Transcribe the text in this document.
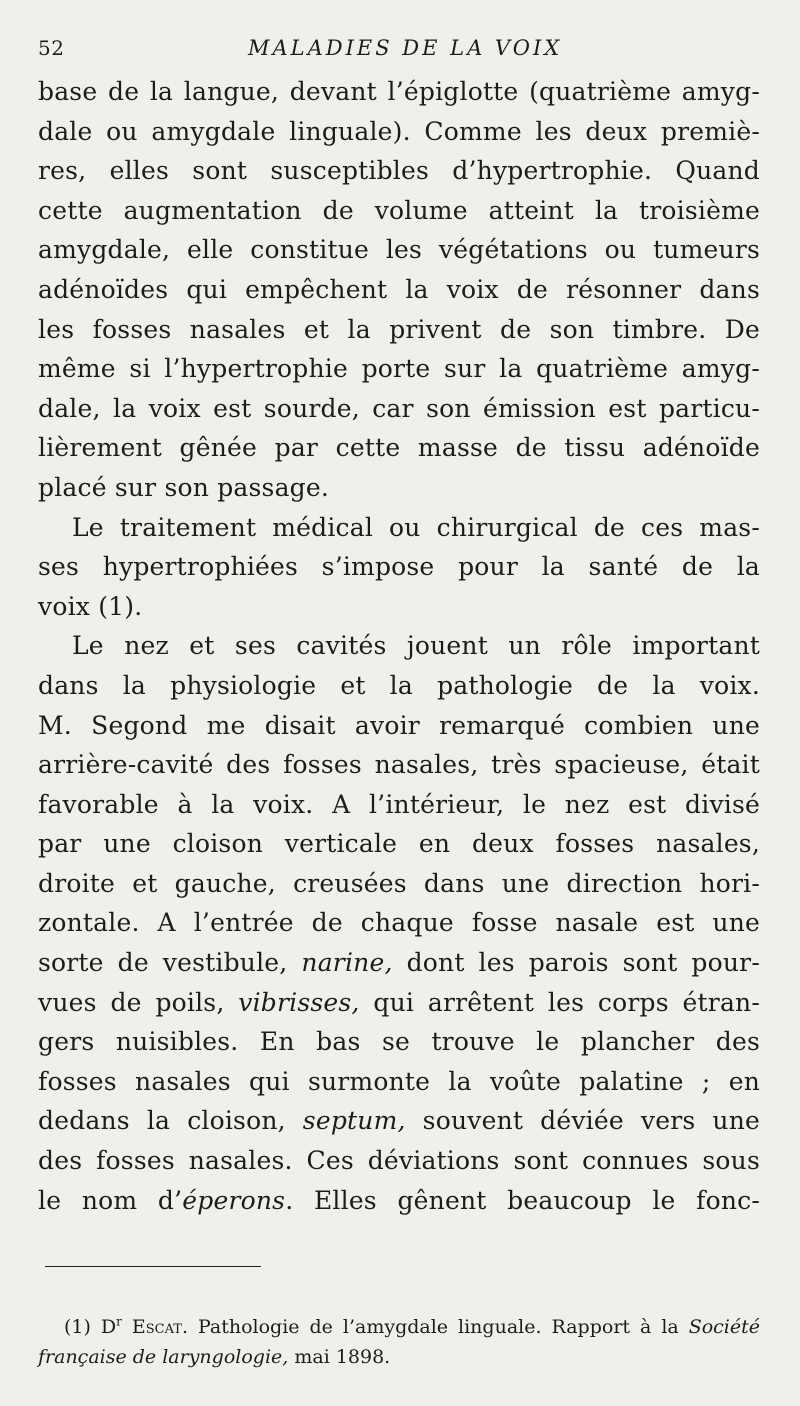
52	MALADIES DE LA VOIX
base de la langue, devant l’épiglotte (quatrième amyg-
dale ou amygdale linguale). Comme les deux premiè-
res, elles sont susceptibles d’hypertrophie. Quand
cette augmentation de volume atteint la troisième
amygdale, elle constitue les végétations ou tumeurs
adénoïdes qui empêchent la voix de résonner dans
les fosses nasales et la privent de son timbre. De
même si l’hypertrophie porte sur la quatrième amyg-
dale, la voix est sourde, car son émission est particu-
lièrement gênée par cette masse de tissu adénoïde
placé sur son passage.
Le traitement médical ou chirurgical de ces mas-
ses hypertrophiées s’impose pour la santé de la
voix (1).
Le nez et ses cavités jouent un rôle important
dans la physiologie et la pathologie de la voix.
M. Segond me disait avoir remarqué combien une
arrière-cavité des fosses nasales, très spacieuse, était
favorable à la voix. A l’intérieur, le nez est divisé
par une cloison verticale en deux fosses nasales,
droite et gauche, creusées dans une direction hori-
zontale. A l’entrée de chaque fosse nasale est une
sorte de vestibule, narine, dont les parois sont pour-
vues de poils, vibrisses, qui arrêtent les corps étran-
gers nuisibles. En bas se trouve le plancher des
fosses nasales qui surmonte la voûte palatine ; en
dedans la cloison, septum, souvent déviée vers une
des fosses nasales. Ces déviations sont connues sous
le nom d’éperons. Elles gênent beaucoup le fonc-
(1) $D^r$ Escat. Pathologie de l’amygdale linguale. Rapport à la Société
française de laryngologie, mai 1898.
